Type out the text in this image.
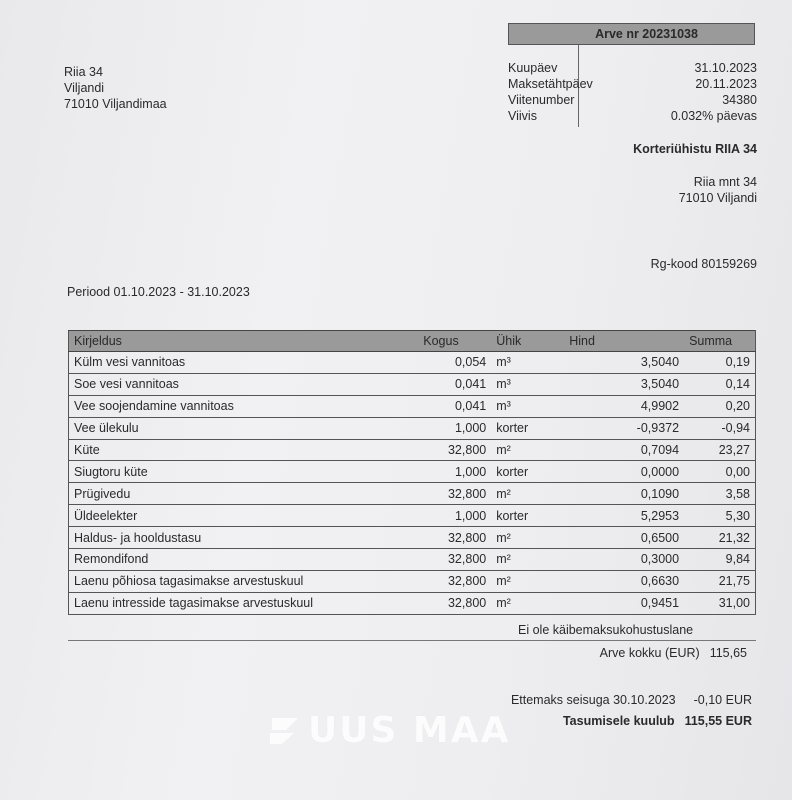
Riia 34
Viljandi
71010 Viljandimaa
Arve nr 20231038
Kuupäev	31.10.2023
Maksetähtpäev	20.11.2023
Viitenumber	34380
Viivis	0.032% päevas
Korteriühistu RIIA 34
Riia mnt 34
71010 Viljandi
Rg-kood 80159269
Periood 01.10.2023 - 31.10.2023
Kirjeldus	Kogus	Ühik	Hind	Summa
Külm vesi vannitoas	0,054	m³	3,5040	0,19
Soe vesi vannitoas	0,041	m³	3,5040	0,14
Vee soojendamine vannitoas	0,041	m³	4,9902	0,20
Vee ülekulu	1,000	korter	-0,9372	-0,94
Küte	32,800	m²	0,7094	23,27
Siugtoru küte	1,000	korter	0,0000	0,00
Prügivedu	32,800	m²	0,1090	3,58
Üldeelekter	1,000	korter	5,2953	5,30
Haldus- ja hooldustasu	32,800	m²	0,6500	21,32
Remondifond	32,800	m²	0,3000	9,84
Laenu põhiosa tagasimakse arvestuskuul	32,800	m²	0,6630	21,75
Laenu intresside tagasimakse arvestuskuul	32,800	m²	0,9451	31,00
Ei ole käibemaksukohustuslane
Arve kokku (EUR) 115,65
Ettemaks seisuga 30.10.2023 -0,10 EUR
Tasumisele kuulub 115,55 EUR
UUS MAA
